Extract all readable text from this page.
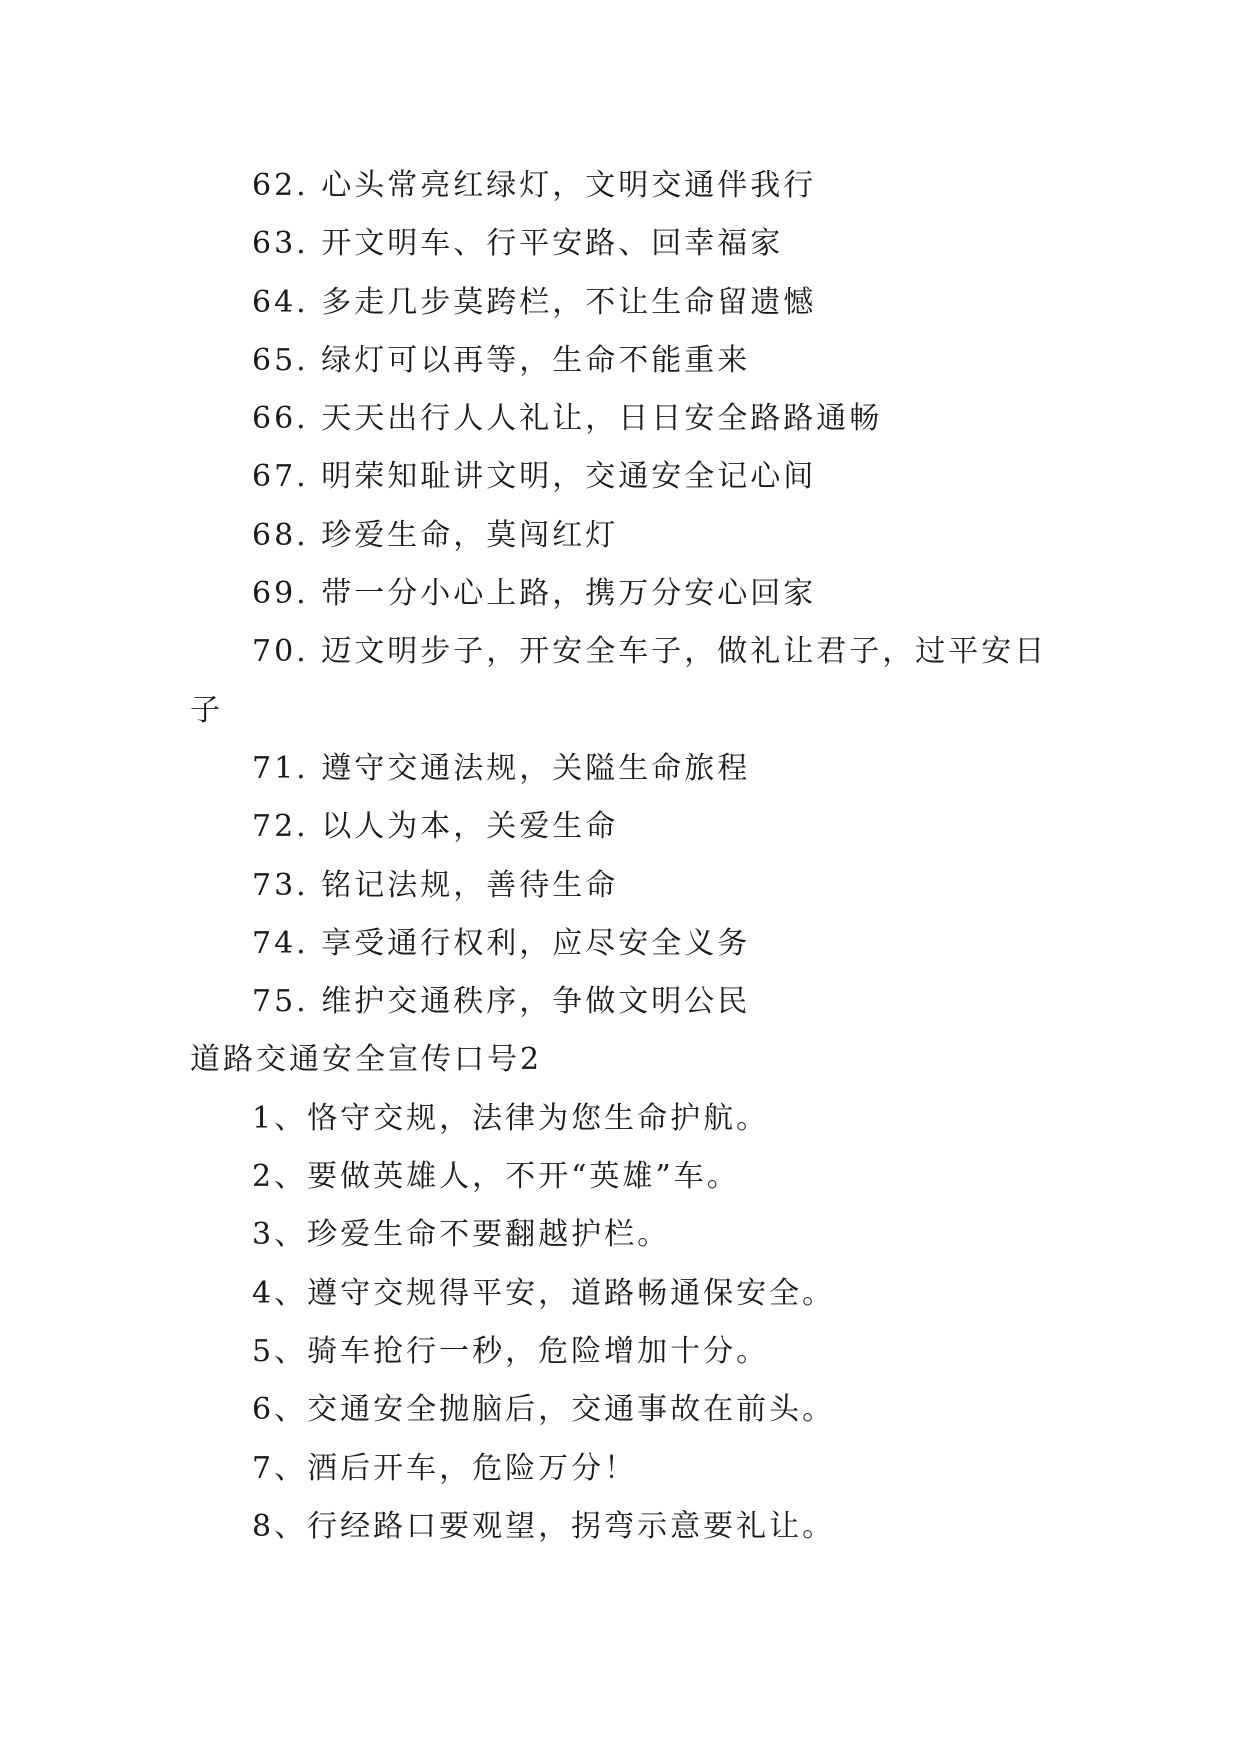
62. 心头常亮红绿灯，文明交通伴我行
63. 开文明车、行平安路、回幸福家
64. 多走几步莫跨栏，不让生命留遗憾
65. 绿灯可以再等，生命不能重来
66. 天天出行人人礼让，日日安全路路通畅
67. 明荣知耻讲文明，交通安全记心间
68. 珍爱生命，莫闯红灯
69. 带一分小心上路，携万分安心回家
70. 迈文明步子，开安全车子，做礼让君子，过平安日子
71. 遵守交通法规，关隘生命旅程
72. 以人为本，关爱生命
73. 铭记法规，善待生命
74. 享受通行权利，应尽安全义务
75. 维护交通秩序，争做文明公民
道路交通安全宣传口号2
1、恪守交规，法律为您生命护航。
2、要做英雄人，不开“英雄”车。
3、珍爱生命不要翻越护栏。
4、遵守交规得平安，道路畅通保安全。
5、骑车抢行一秒，危险增加十分。
6、交通安全抛脑后，交通事故在前头。
7、酒后开车，危险万分！
8、行经路口要观望，拐弯示意要礼让。
